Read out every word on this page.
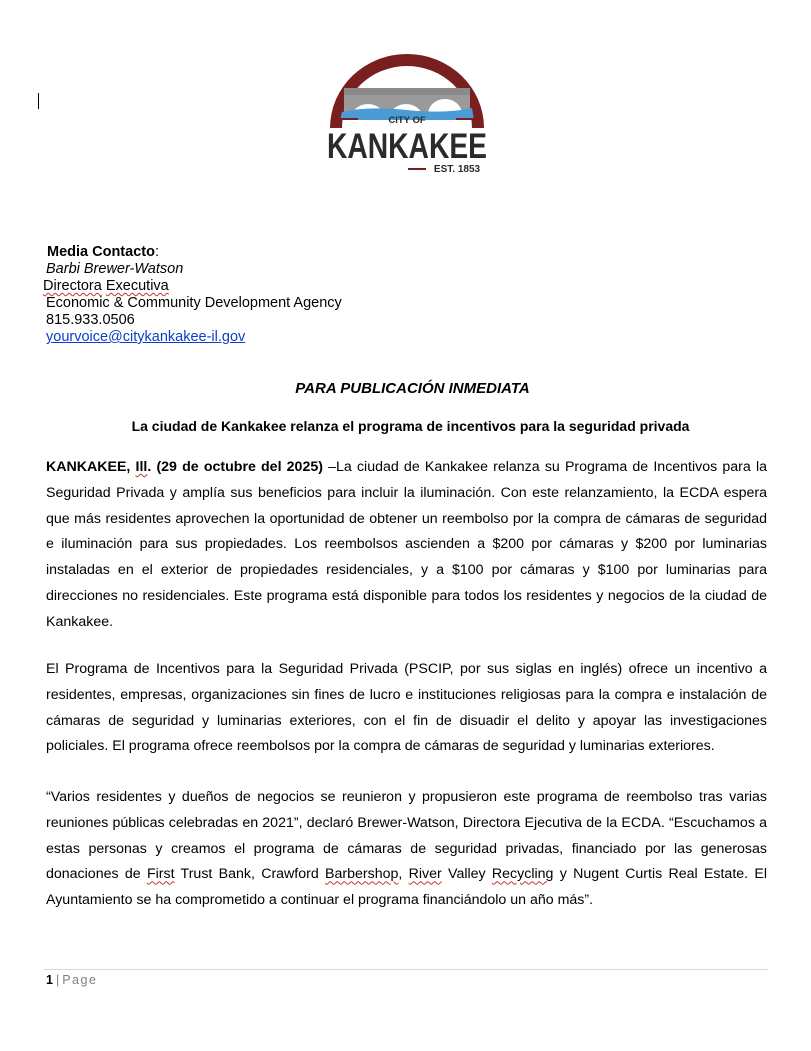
CITY OF
KANKAKEE
EST. 1853
Media Contacto:
Barbi Brewer-Watson
Directora Executiva
Economic & Community Development Agency
815.933.0506
yourvoice@citykankakee-il.gov
PARA PUBLICACIÓN INMEDIATA
La ciudad de Kankakee relanza el programa de incentivos para la seguridad privada
KANKAKEE, Ill. (29 de octubre del 2025) –La ciudad de Kankakee relanza su Programa de Incentivos para la Seguridad Privada y amplía sus beneficios para incluir la iluminación. Con este relanzamiento, la ECDA espera que más residentes aprovechen la oportunidad de obtener un reembolso por la compra de cámaras de seguridad e iluminación para sus propiedades. Los reembolsos ascienden a $200 por cámaras y $200 por luminarias instaladas en el exterior de propiedades residenciales, y a $100 por cámaras y $100 por luminarias para direcciones no residenciales. Este programa está disponible para todos los residentes y negocios de la ciudad de Kankakee.
El Programa de Incentivos para la Seguridad Privada (PSCIP, por sus siglas en inglés) ofrece un incentivo a residentes, empresas, organizaciones sin fines de lucro e instituciones religiosas para la compra e instalación de cámaras de seguridad y luminarias exteriores, con el fin de disuadir el delito y apoyar las investigaciones policiales. El programa ofrece reembolsos por la compra de cámaras de seguridad y luminarias exteriores.
“Varios residentes y dueños de negocios se reunieron y propusieron este programa de reembolso tras varias reuniones públicas celebradas en 2021”, declaró Brewer-Watson, Directora Ejecutiva de la ECDA. “Escuchamos a estas personas y creamos el programa de cámaras de seguridad privadas, financiado por las generosas donaciones de First Trust Bank, Crawford Barbershop, River Valley Recycling y Nugent Curtis Real Estate. El Ayuntamiento se ha comprometido a continuar el programa financiándolo un año más”.
1 | Page
